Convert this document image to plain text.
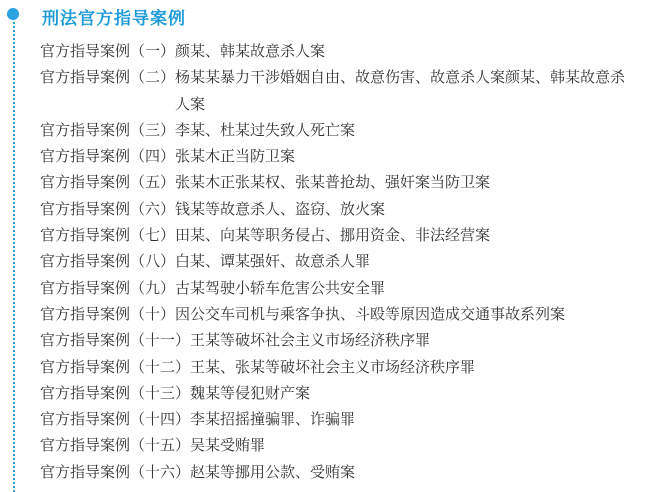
刑法官方指导案例
官方指导案例（一） 颜某、韩某故意杀人案
官方指导案例（二） 杨某某暴力干涉婚姻自由、故意伤害、故意杀人案颜某、韩某故意杀人案
官方指导案例（三） 李某、杜某过失致人死亡案
官方指导案例（四） 张某木正当防卫案
官方指导案例（五） 张某木正张某权、张某普抢劫、强奸案当防卫案
官方指导案例（六） 钱某等故意杀人、盗窃、放火案
官方指导案例（七） 田某、向某等职务侵占、挪用资金、非法经营案
官方指导案例（八） 白某、谭某强奸、故意杀人罪
官方指导案例（九） 古某驾驶小轿车危害公共安全罪
官方指导案例（十） 因公交车司机与乘客争执、斗殴等原因造成交通事故系列案
官方指导案例（十一） 王某等破坏社会主义市场经济秩序罪
官方指导案例（十二） 王某、张某等破坏社会主义市场经济秩序罪
官方指导案例（十三） 魏某等侵犯财产案
官方指导案例（十四） 李某招摇撞骗罪、诈骗罪
官方指导案例（十五） 吴某受贿罪
官方指导案例（十六） 赵某等挪用公款、受贿案
